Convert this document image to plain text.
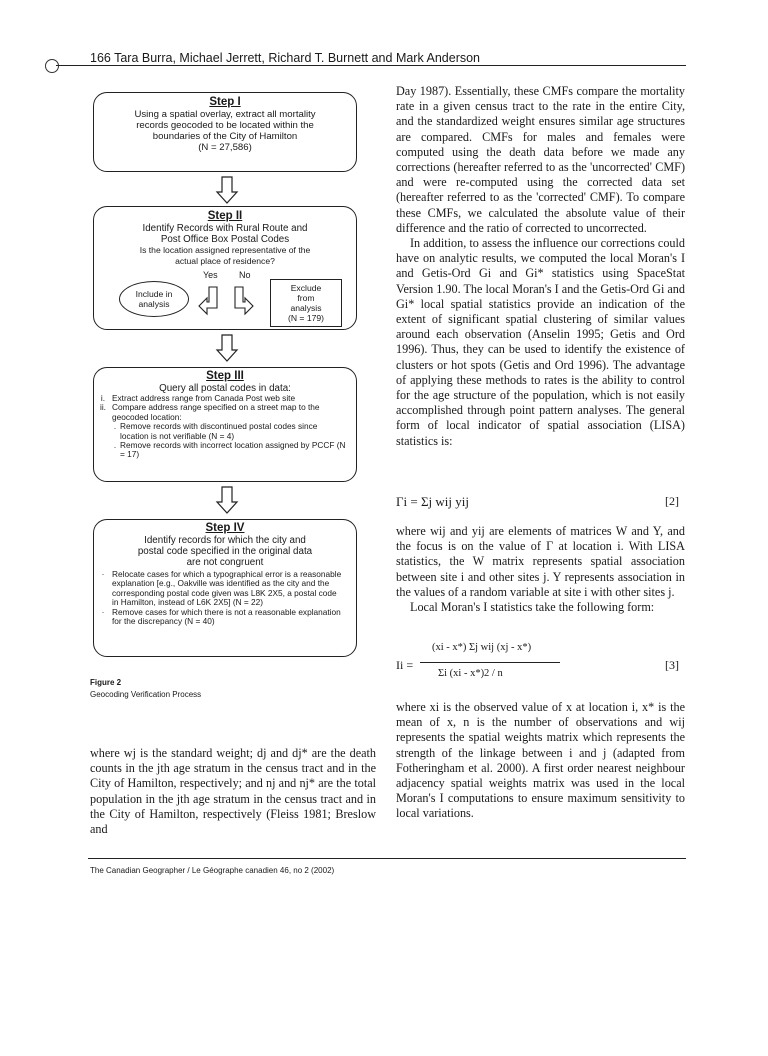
166 Tara Burra, Michael Jerrett, Richard T. Burnett and Mark Anderson
Step I
Using a spatial overlay, extract all mortality records geocoded to be located within the boundaries of the City of Hamilton
(N = 27,586)
Step II
Identify Records with Rural Route and
Post Office Box Postal Codes
Is the location assigned representative of the
actual place of residence?
Yes No
Include in
analysis
Exclude
from
analysis
(N = 179)
Step III
Query all postal codes in data:
i. Extract address range from Canada Post web site
ii. Compare address range specified on a street map to the geocoded location:
. Remove records with discontinued postal codes since location is not verifiable (N = 4)
. Remove records with incorrect location assigned by PCCF (N = 17)
Step IV
Identify records for which the city and
postal code specified in the original data
are not congruent
· Relocate cases for which a typographical error is a reasonable explanation [e.g., Oakville was identified as the city and the corresponding postal code given was L8K 2X5, a postal code in Hamilton, instead of L6K 2X5] (N = 22)
· Remove cases for which there is not a reasonable explanation for the discrepancy (N = 40)
Figure 2
Geocoding Verification Process

where wj is the standard weight; dj and dj* are the death counts in the jth age stratum in the census tract and in the City of Hamilton, respectively; and nj and nj* are the total population in the jth age stratum in the census tract and in the City of Hamilton, respectively (Fleiss 1981; Breslow and

Day 1987). Essentially, these CMFs compare the mortality rate in a given census tract to the rate in the entire City, and the standardized weight ensures similar age structures are compared. CMFs for males and females were computed using the death data before we made any corrections (hereafter referred to as the 'uncorrected' CMF) and were re-computed using the corrected data set (hereafter referred to as the 'corrected' CMF). To compare these CMFs, we calculated the absolute value of their difference and the ratio of corrected to uncorrected.

In addition, to assess the influence our corrections could have on analytic results, we computed the local Moran's I and Getis-Ord Gi and Gi* statistics using SpaceStat Version 1.90. The local Moran's I and the Getis-Ord Gi and Gi* local spatial statistics provide an indication of the extent of significant spatial clustering of similar values around each observation (Anselin 1995; Getis and Ord 1996). Thus, they can be used to identify the existence of clusters or hot spots (Getis and Ord 1996). The advantage of applying these methods to rates is the ability to control for the age structure of the population, which is not easily accomplished through point pattern analyses. The general form of local indicator of spatial association (LISA) statistics is:

Γi = Σj wij yij	[2]

where wij and yij are elements of matrices W and Y, and the focus is on the value of Γ at location i. With LISA statistics, the W matrix represents spatial association between site i and other sites j. Y represents association in the values of a random variable at site i with other sites j.

Local Moran's I statistics take the following form:

Ii =
(xi - x*) Σj wij (xj - x*)
Σi (xi - x*)2 / n
[3]

where xi is the observed value of x at location i, x* is the mean of x, n is the number of observations and wij represents the spatial weights matrix which represents the strength of the linkage between i and j (adapted from Fotheringham et al. 2000). A first order nearest neighbour adjacency spatial weights matrix was used in the local Moran's I computations to ensure maximum sensitivity to local variations.

The Canadian Geographer / Le Géographe canadien 46, no 2 (2002)
